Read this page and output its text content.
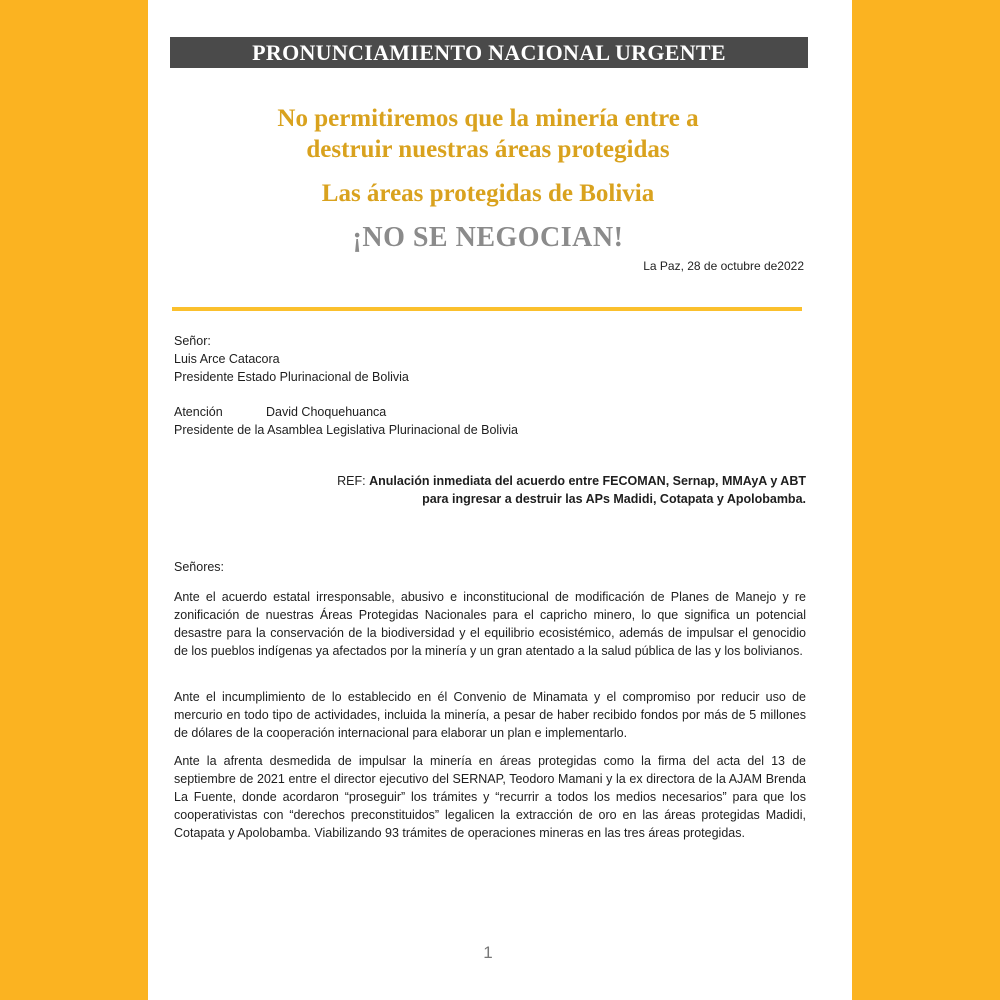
PRONUNCIAMIENTO NACIONAL URGENTE
No permitiremos que la minería entre a
destruir nuestras áreas protegidas
Las áreas protegidas de Bolivia
¡NO SE NEGOCIAN!
La Paz, 28 de octubre de2022
Señor:
Luis Arce Catacora
Presidente Estado Plurinacional de Bolivia
Atención	David Choquehuanca
Presidente de la Asamblea Legislativa Plurinacional de Bolivia
REF: Anulación inmediata del acuerdo entre FECOMAN, Sernap, MMAyA y ABT
para ingresar a destruir las APs Madidi, Cotapata y Apolobamba.
Señores:
Ante el acuerdo estatal irresponsable, abusivo e inconstitucional de modificación de Planes de Manejo y re zonificación de nuestras Áreas Protegidas Nacionales para el capricho minero, lo que significa un potencial desastre para la conservación de la biodiversidad y el equilibrio ecosistémico, además de impulsar el genocidio de los pueblos indígenas ya afectados por la minería y un gran atentado a la salud pública de las y los bolivianos.
Ante el incumplimiento de lo establecido en él Convenio de Minamata y el compromiso por reducir uso de mercurio en todo tipo de actividades, incluida la minería, a pesar de haber recibido fondos por más de 5 millones de dólares de la cooperación internacional para elaborar un plan e implementarlo.
Ante la afrenta desmedida de impulsar la minería en áreas protegidas como la firma del acta del 13 de septiembre de 2021 entre el director ejecutivo del SERNAP, Teodoro Mamani y la ex directora de la AJAM Brenda La Fuente, donde acordaron “proseguir” los trámites y “recurrir a todos los medios necesarios” para que los cooperativistas con “derechos preconstituidos” legalicen la extracción de oro en las áreas protegidas Madidi, Cotapata y Apolobamba. Viabilizando 93 trámites de operaciones mineras en las tres áreas protegidas.
1
